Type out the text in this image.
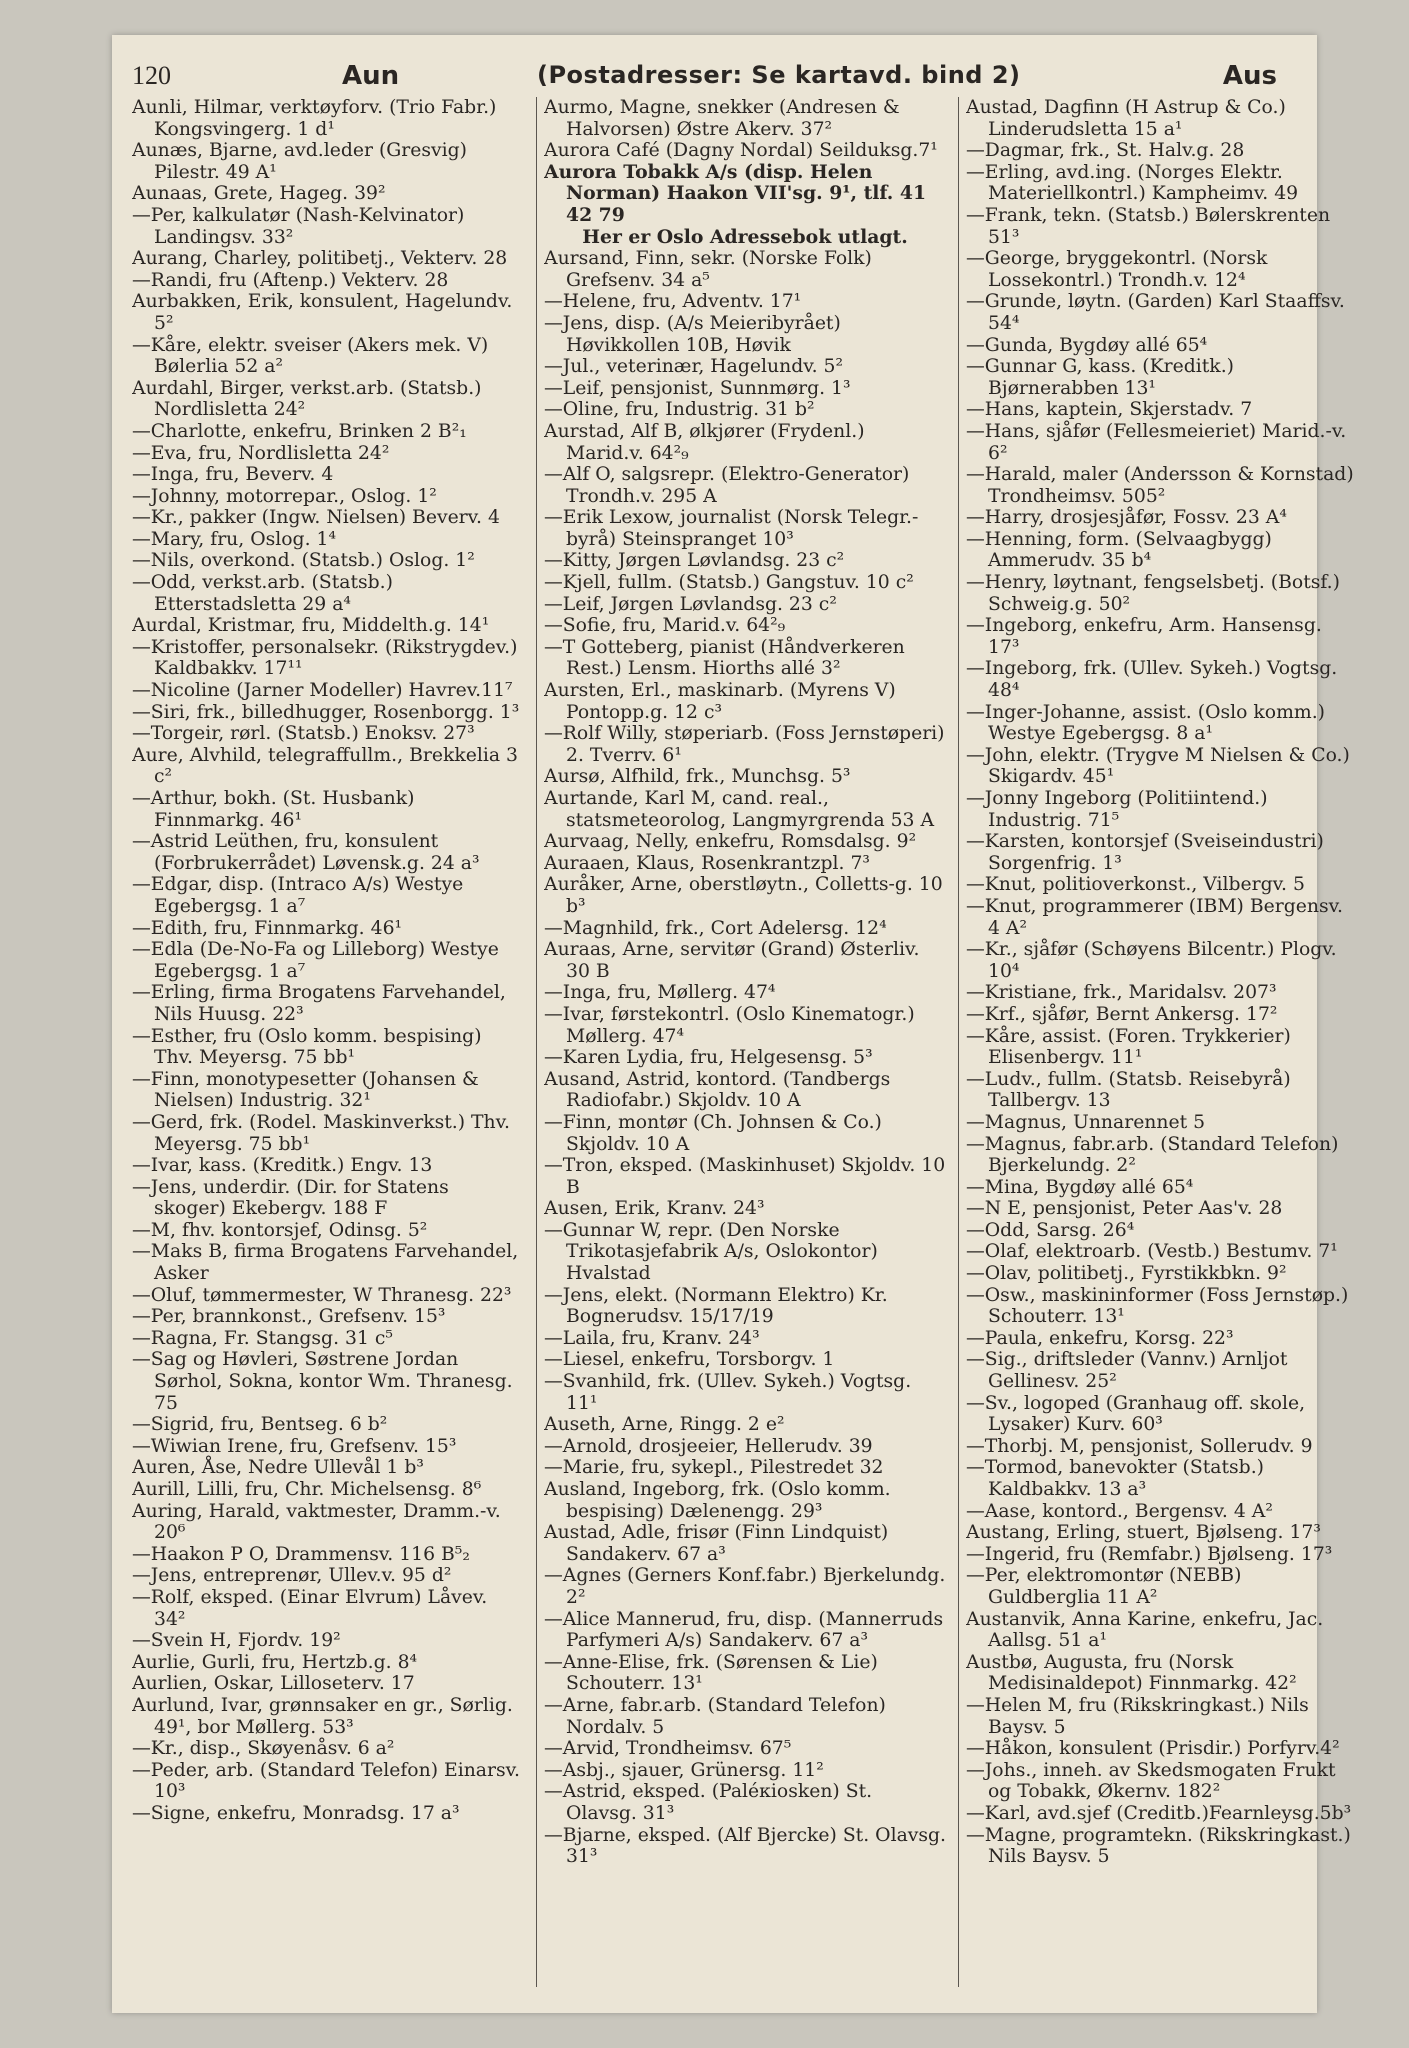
120	Aun	(Postadresser: Se kartavd. bind 2)	Aus

Aunli, Hilmar, verktøyforv. (Trio Fabr.) Kongsvingerg. 1 d¹

Aunæs, Bjarne, avd.leder (Gresvig) Pilestr. 49 A¹

Aunaas, Grete, Hageg. 39²

—Per, kalkulatør (Nash-Kelvinator) Landingsv. 33²

Aurang, Charley, politibetj., Vekterv. 28

—Randi, fru (Aftenp.) Vekterv. 28

Aurbakken, Erik, konsulent, Hagelundv. 5²

—Kåre, elektr. sveiser (Akers mek. V) Bølerlia 52 a²

Aurdahl, Birger, verkst.arb. (Statsb.) Nordlisletta 24²

—Charlotte, enkefru, Brinken 2 B²₁

—Eva, fru, Nordlisletta 24²

—Inga, fru, Beverv. 4

—Johnny, motorrepar., Oslog. 1²

—Kr., pakker (Ingw. Nielsen) Beverv. 4

—Mary, fru, Oslog. 1⁴

—Nils, overkond. (Statsb.) Oslog. 1²

—Odd, verkst.arb. (Statsb.) Etterstadsletta 29 a⁴

Aurdal, Kristmar, fru, Middelth.g. 14¹

—Kristoffer, personalsekr. (Rikstrygdev.) Kaldbakkv. 17¹¹

—Nicoline (Jarner Modeller) Havrev.11⁷

—Siri, frk., billedhugger, Rosenborgg. 1³

—Torgeir, rørl. (Statsb.) Enoksv. 27³

Aure, Alvhild, telegraffullm., Brekkelia 3 c²

—Arthur, bokh. (St. Husbank) Finnmarkg. 46¹

—Astrid Leüthen, fru, konsulent (Forbrukerrådet) Løvensk.g. 24 a³

—Edgar, disp. (Intraco A/s) Westye Egebergsg. 1 a⁷

—Edith, fru, Finnmarkg. 46¹

—Edla (De-No-Fa og Lilleborg) Westye Egebergsg. 1 a⁷

—Erling, firma Brogatens Farvehandel, Nils Huusg. 22³

—Esther, fru (Oslo komm. bespising) Thv. Meyersg. 75 bb¹

—Finn, monotypesetter (Johansen & Nielsen) Industrig. 32¹

—Gerd, frk. (Rodel. Maskinverkst.) Thv. Meyersg. 75 bb¹

—Ivar, kass. (Kreditk.) Engv. 13

—Jens, underdir. (Dir. for Statens skoger) Ekebergv. 188 F

—M, fhv. kontorsjef, Odinsg. 5²

—Maks B, firma Brogatens Farvehandel, Asker

—Oluf, tømmermester, W Thranesg. 22³

—Per, brannkonst., Grefsenv. 15³

—Ragna, Fr. Stangsg. 31 c⁵

—Sag og Høvleri, Søstrene Jordan Sørhol, Sokna, kontor Wm. Thranesg. 75

—Sigrid, fru, Bentseg. 6 b²

—Wiwian Irene, fru, Grefsenv. 15³

Auren, Åse, Nedre Ullevål 1 b³

Aurill, Lilli, fru, Chr. Michelsensg. 8⁶

Auring, Harald, vaktmester, Dramm.-v. 20⁶

—Haakon P O, Drammensv. 116 B⁵₂

—Jens, entreprenør, Ullev.v. 95 d²

—Rolf, eksped. (Einar Elvrum) Låvev. 34²

—Svein H, Fjordv. 19²

Aurlie, Gurli, fru, Hertzb.g. 8⁴

Aurlien, Oskar, Lilloseterv. 17

Aurlund, Ivar, grønnsaker en gr., Sørlig. 49¹, bor Møllerg. 53³

—Kr., disp., Skøyenåsv. 6 a²

—Peder, arb. (Standard Telefon) Einarsv. 10³

—Signe, enkefru, Monradsg. 17 a³

Aurmo, Magne, snekker (Andresen & Halvorsen) Østre Akerv. 37²

Aurora Café (Dagny Nordal) Seilduksg.7¹

Aurora Tobakk A/s (disp. Helen Norman) Haakon VII'sg. 9¹, tlf. 41 42 79

Her er Oslo Adressebok utlagt.

Aursand, Finn, sekr. (Norske Folk) Grefsenv. 34 a⁵

—Helene, fru, Adventv. 17¹

—Jens, disp. (A/s Meieribyrået) Høvikkollen 10B, Høvik

—Jul., veterinær, Hagelundv. 5²

—Leif, pensjonist, Sunnmørg. 1³

—Oline, fru, Industrig. 31 b²

Aurstad, Alf B, ølkjører (Frydenl.) Marid.v. 64²₉

—Alf O, salgsrepr. (Elektro-Generator) Trondh.v. 295 A

—Erik Lexow, journalist (Norsk Telegr.-byrå) Steinspranget 10³

—Kitty, Jørgen Løvlandsg. 23 c²

—Kjell, fullm. (Statsb.) Gangstuv. 10 c²

—Leif, Jørgen Løvlandsg. 23 c²

—Sofie, fru, Marid.v. 64²₉

—T Gotteberg, pianist (Håndverkeren Rest.) Lensm. Hiorths allé 3²

Aursten, Erl., maskinarb. (Myrens V) Pontopp.g. 12 c³

—Rolf Willy, støperiarb. (Foss Jernstøperi) 2. Tverrv. 6¹

Aursø, Alfhild, frk., Munchsg. 5³

Aurtande, Karl M, cand. real., statsmeteorolog, Langmyrgrenda 53 A

Aurvaag, Nelly, enkefru, Romsdalsg. 9²

Auraaen, Klaus, Rosenkrantzpl. 7³

Auråker, Arne, oberstløytn., Colletts-g. 10 b³

—Magnhild, frk., Cort Adelersg. 12⁴

Auraas, Arne, servitør (Grand) Østerliv. 30 B

—Inga, fru, Møllerg. 47⁴

—Ivar, førstekontrl. (Oslo Kinematogr.) Møllerg. 47⁴

—Karen Lydia, fru, Helgesensg. 5³

Ausand, Astrid, kontord. (Tandbergs Radiofabr.) Skjoldv. 10 A

—Finn, montør (Ch. Johnsen & Co.) Skjoldv. 10 A

—Tron, eksped. (Maskinhuset) Skjoldv. 10 B

Ausen, Erik, Kranv. 24³

—Gunnar W, repr. (Den Norske Trikotasjefabrik A/s, Oslokontor) Hvalstad

—Jens, elekt. (Normann Elektro) Kr. Bognerudsv. 15/17/19

—Laila, fru, Kranv. 24³

—Liesel, enkefru, Torsborgv. 1

—Svanhild, frk. (Ullev. Sykeh.) Vogtsg. 11¹

Auseth, Arne, Ringg. 2 e²

—Arnold, drosjeeier, Hellerudv. 39

—Marie, fru, sykepl., Pilestredet 32

Ausland, Ingeborg, frk. (Oslo komm. bespising) Dælenengg. 29³

Austad, Adle, frisør (Finn Lindquist) Sandakerv. 67 a³

—Agnes (Gerners Konf.fabr.) Bjerkelundg. 2²

—Alice Mannerud, fru, disp. (Mannerruds Parfymeri A/s) Sandakerv. 67 a³

—Anne-Elise, frk. (Sørensen & Lie) Schouterr. 13¹

—Arne, fabr.arb. (Standard Telefon) Nordalv. 5

—Arvid, Trondheimsv. 67⁵

—Asbj., sjauer, Grünersg. 11²

—Astrid, eksped. (Paléкiosken) St. Olavsg. 31³

—Bjarne, eksped. (Alf Bjercke) St. Olavsg. 31³

Austad, Dagfinn (H Astrup & Co.) Linderudsletta 15 a¹

—Dagmar, frk., St. Halv.g. 28

—Erling, avd.ing. (Norges Elektr. Materiellkontrl.) Kampheimv. 49

—Frank, tekn. (Statsb.) Bølerskrenten 51³

—George, bryggekontrl. (Norsk Lossekontrl.) Trondh.v. 12⁴

—Grunde, løytn. (Garden) Karl Staaffsv. 54⁴

—Gunda, Bygdøy allé 65⁴

—Gunnar G, kass. (Kreditk.) Bjørnerabben 13¹

—Hans, kaptein, Skjerstadv. 7

—Hans, sjåfør (Fellesmeieriet) Marid.-v. 6²

—Harald, maler (Andersson & Kornstad) Trondheimsv. 505²

—Harry, drosjesjåfør, Fossv. 23 A⁴

—Henning, form. (Selvaagbygg) Ammerudv. 35 b⁴

—Henry, løytnant, fengselsbetj. (Botsf.) Schweig.g. 50²

—Ingeborg, enkefru, Arm. Hansensg. 17³

—Ingeborg, frk. (Ullev. Sykeh.) Vogtsg. 48⁴

—Inger-Johanne, assist. (Oslo komm.) Westye Egebergsg. 8 a¹

—John, elektr. (Trygve M Nielsen & Co.) Skigardv. 45¹

—Jonny Ingeborg (Politiintend.) Industrig. 71⁵

—Karsten, kontorsjef (Sveiseindustri) Sorgenfrig. 1³

—Knut, politioverkonst., Vilbergv. 5

—Knut, programmerer (IBM) Bergensv. 4 A²

—Kr., sjåfør (Schøyens Bilcentr.) Plogv. 10⁴

—Kristiane, frk., Maridalsv. 207³

—Krf., sjåfør, Bernt Ankersg. 17²

—Kåre, assist. (Foren. Trykkerier) Elisenbergv. 11¹

—Ludv., fullm. (Statsb. Reisebyrå) Tallbergv. 13

—Magnus, Unnarennet 5

—Magnus, fabr.arb. (Standard Telefon) Bjerkelundg. 2²

—Mina, Bygdøy allé 65⁴

—N E, pensjonist, Peter Aas'v. 28

—Odd, Sarsg. 26⁴

—Olaf, elektroarb. (Vestb.) Bestumv. 7¹

—Olav, politibetj., Fyrstikkbkn. 9²

—Osw., maskininformer (Foss Jernstøp.) Schouterr. 13¹

—Paula, enkefru, Korsg. 22³

—Sig., driftsleder (Vannv.) Arnljot Gellinesv. 25²

—Sv., logoped (Granhaug off. skole, Lysaker) Kurv. 60³

—Thorbj. M, pensjonist, Sollerudv. 9

—Tormod, banevokter (Statsb.) Kaldbakkv. 13 a³

—Aase, kontord., Bergensv. 4 A²

Austang, Erling, stuert, Bjølseng. 17³

—Ingerid, fru (Remfabr.) Bjølseng. 17³

—Per, elektromontør (NEBB) Guldberglia 11 A²

Austanvik, Anna Karine, enkefru, Jac. Aallsg. 51 a¹

Austbø, Augusta, fru (Norsk Medisinaldepot) Finnmarkg. 42²

—Helen M, fru (Rikskringkast.) Nils Baysv. 5

—Håkon, konsulent (Prisdir.) Porfyrv.4²

—Johs., inneh. av Skedsmogaten Frukt og Tobakk, Økernv. 182²

—Karl, avd.sjef (Creditb.)Fearnleysg.5b³

—Magne, programtekn. (Rikskringkast.) Nils Baysv. 5
